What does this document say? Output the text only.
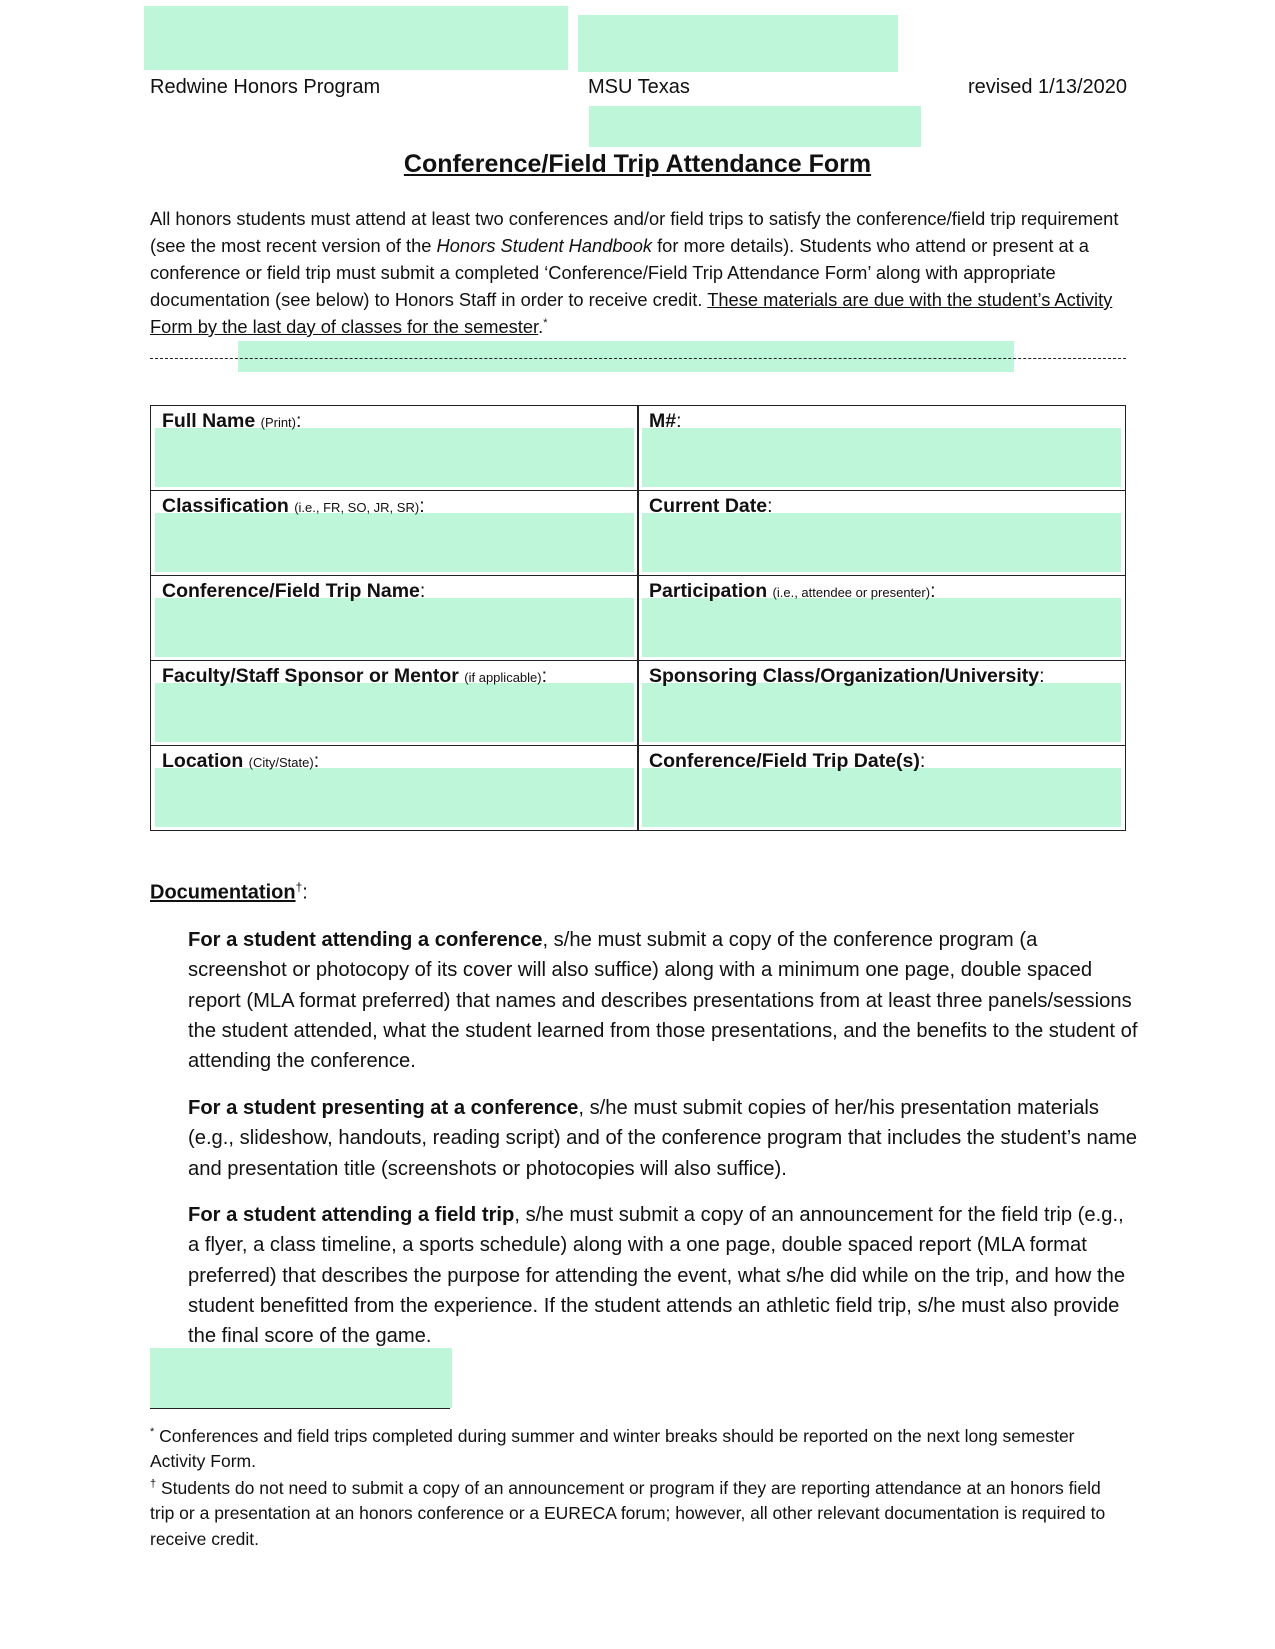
Redwine Honors Program	MSU Texas	revised 1/13/2020
Conference/Field Trip Attendance Form
All honors students must attend at least two conferences and/or field trips to satisfy the conference/field trip requirement (see the most recent version of the Honors Student Handbook for more details). Students who attend or present at a conference or field trip must submit a completed ‘Conference/Field Trip Attendance Form’ along with appropriate documentation (see below) to Honors Staff in order to receive credit. These materials are due with the student’s Activity Form by the last day of classes for the semester.*
Full Name (Print):	M#:
Classification (i.e., FR, SO, JR, SR):	Current Date:
Conference/Field Trip Name:	Participation (i.e., attendee or presenter):
Faculty/Staff Sponsor or Mentor (if applicable):	Sponsoring Class/Organization/University:
Location (City/State):	Conference/Field Trip Date(s):
Documentation†:
For a student attending a conference, s/he must submit a copy of the conference program (a screenshot or photocopy of its cover will also suffice) along with a minimum one page, double spaced report (MLA format preferred) that names and describes presentations from at least three panels/sessions the student attended, what the student learned from those presentations, and the benefits to the student of attending the conference.
For a student presenting at a conference, s/he must submit copies of her/his presentation materials (e.g., slideshow, handouts, reading script) and of the conference program that includes the student’s name and presentation title (screenshots or photocopies will also suffice).
For a student attending a field trip, s/he must submit a copy of an announcement for the field trip (e.g., a flyer, a class timeline, a sports schedule) along with a one page, double spaced report (MLA format preferred) that describes the purpose for attending the event, what s/he did while on the trip, and how the student benefitted from the experience. If the student attends an athletic field trip, s/he must also provide the final score of the game.
* Conferences and field trips completed during summer and winter breaks should be reported on the next long semester Activity Form.
† Students do not need to submit a copy of an announcement or program if they are reporting attendance at an honors field trip or a presentation at an honors conference or a EURECA forum; however, all other relevant documentation is required to receive credit.
